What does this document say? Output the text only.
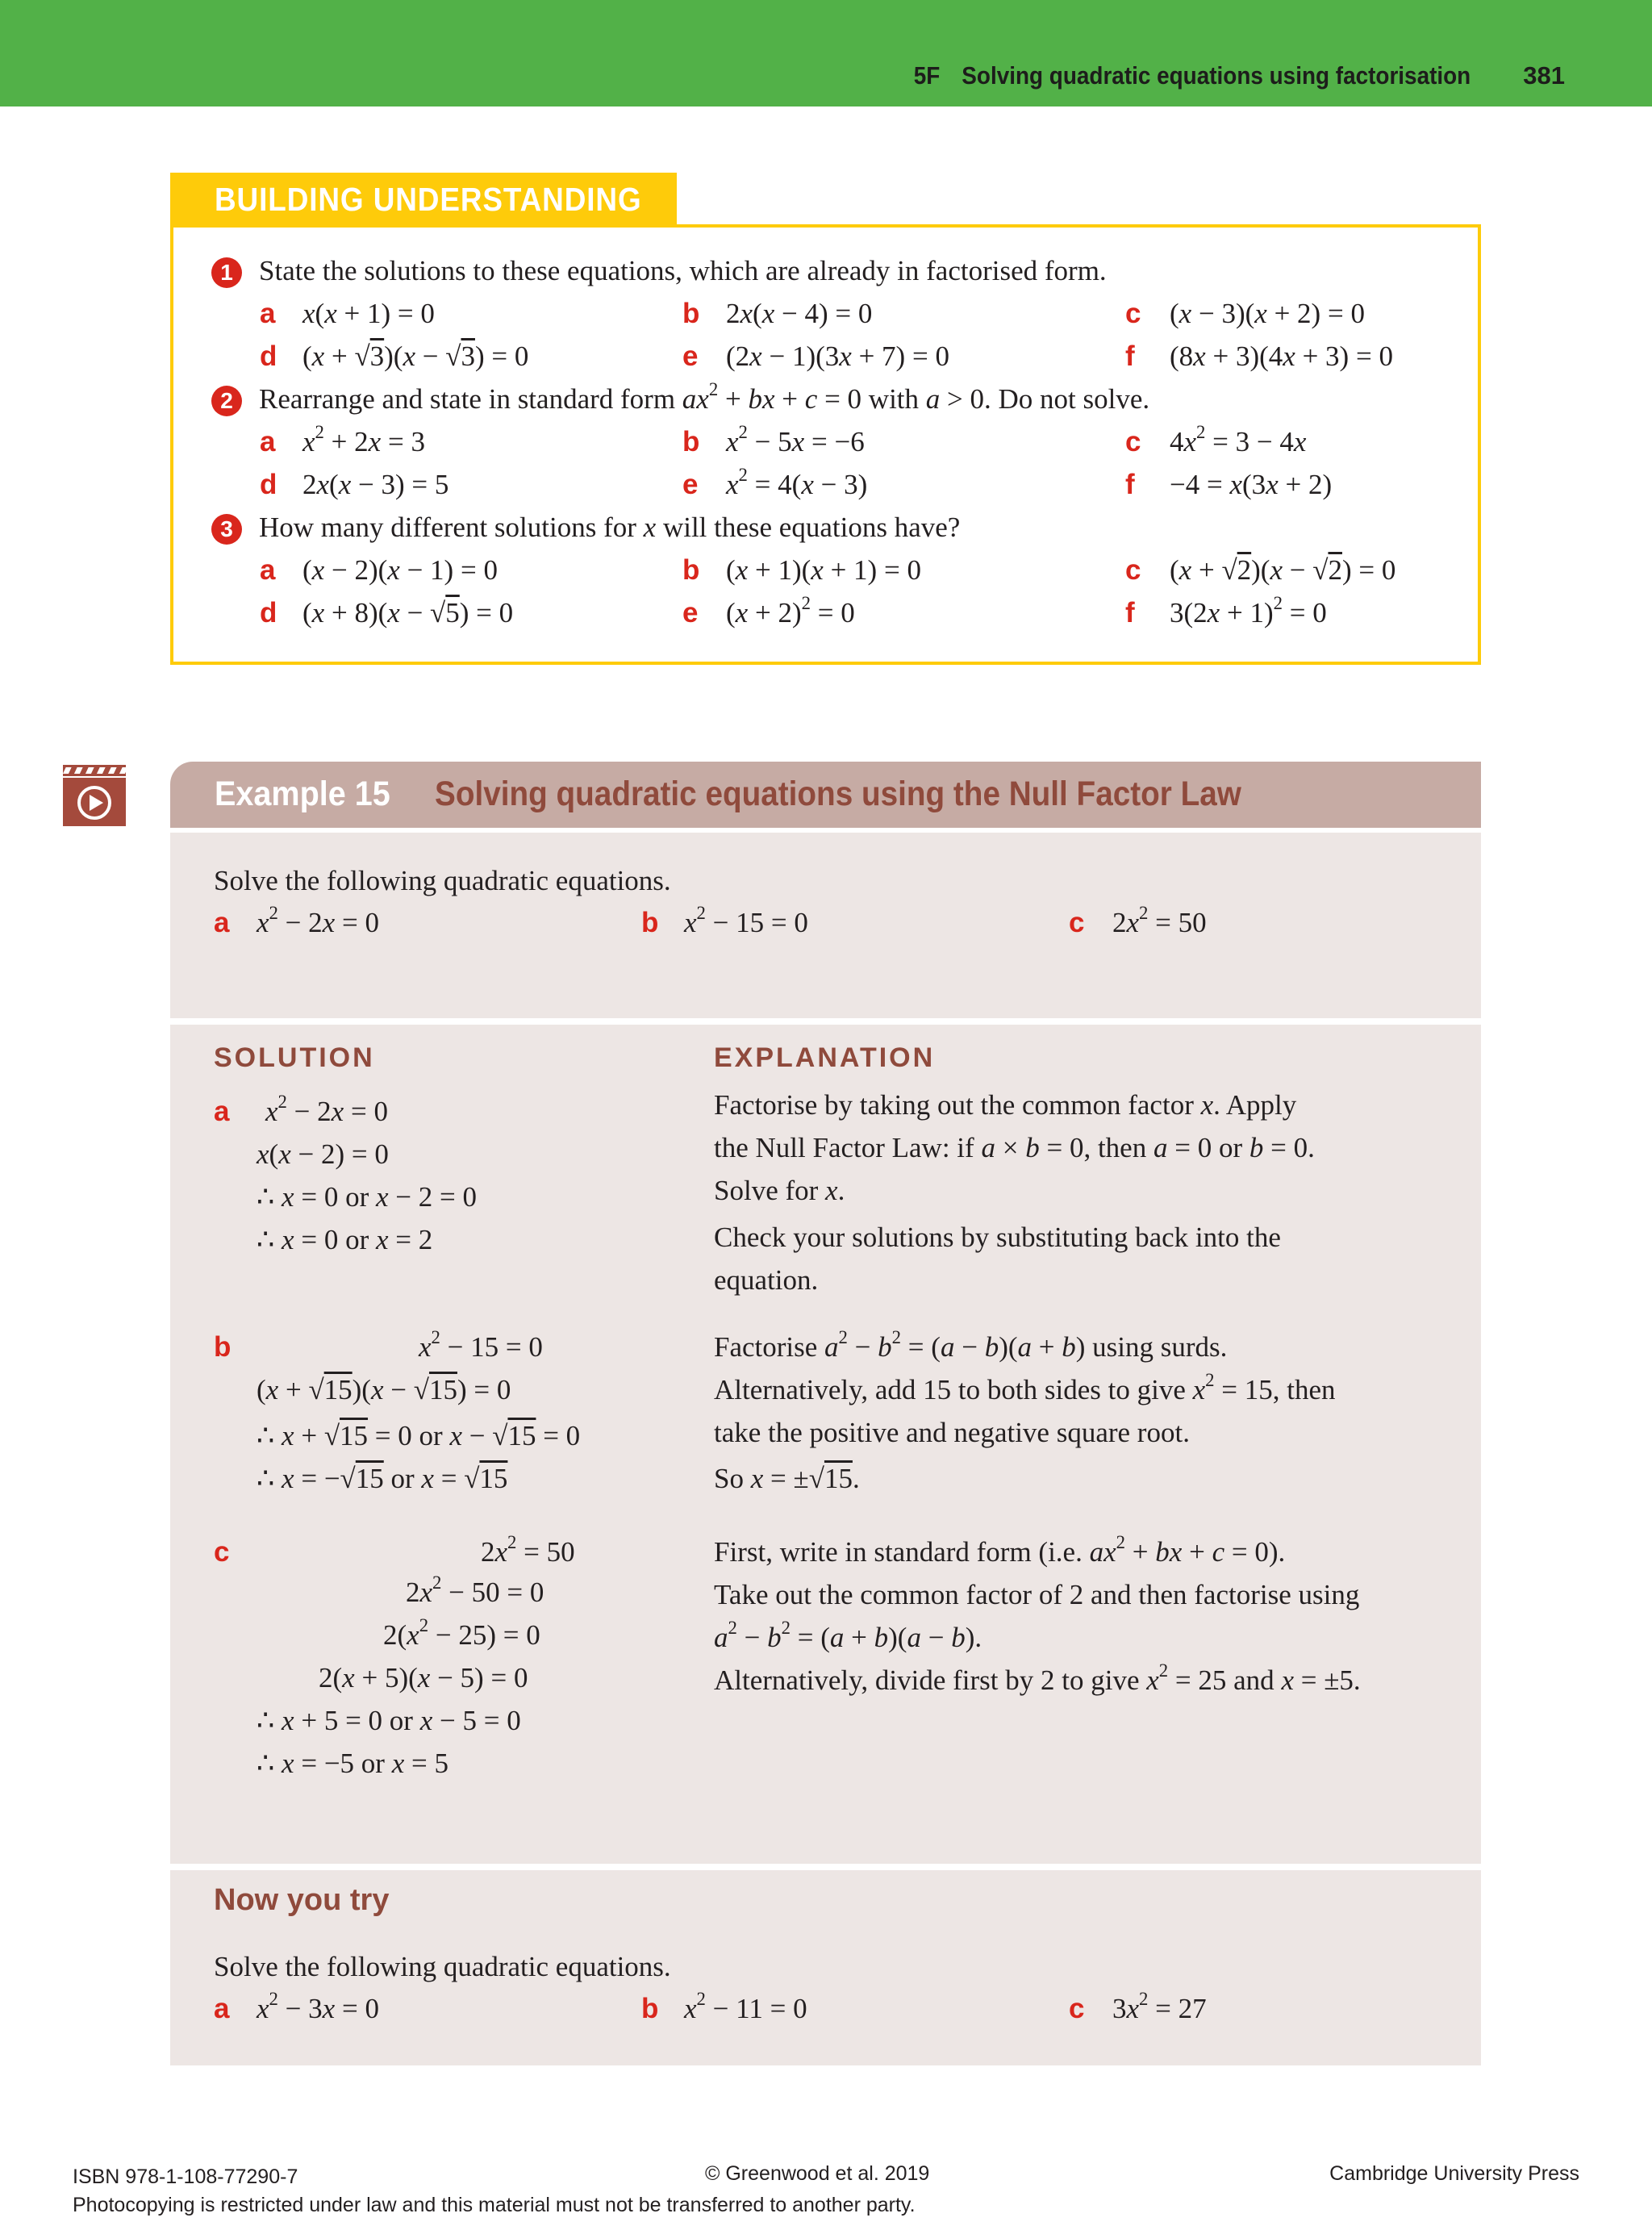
5F Solving quadratic equations using factorisation 381
BUILDING UNDERSTANDING
1 State the solutions to these equations, which are already in factorised form.
a x(x + 1) = 0	b 2x(x − 4) = 0	c (x − 3)(x + 2) = 0
d (x + √3)(x − √3) = 0	e (2x − 1)(3x + 7) = 0	f (8x + 3)(4x + 3) = 0
2 Rearrange and state in standard form $ax^2$ + bx + c = 0 with a > 0. Do not solve.
a $x^2 + 2x = 3$	b $x^2 - 5x = -6$	c $4x^2 = 3 - 4x$
d 2x(x − 3) = 5	e $x^2 = 4(x - 3)$	f −4 = x(3x + 2)
3 How many different solutions for x will these equations have?
a (x − 2)(x − 1) = 0	b (x + 1)(x + 1) = 0	c (x + √2)(x − √2) = 0
d (x + 8)(x − √5) = 0	e $(x + 2)^2 = 0$	f $3(2x + 1)^2 = 0$
Example 15 Solving quadratic equations using the Null Factor Law
Solve the following quadratic equations.
a $x^2 - 2x = 0$	b $x^2 - 15 = 0$	c $2x^2 = 50$
SOLUTION	EXPLANATION
a $x^2 - 2x = 0$
x(x − 2) = 0
∴ x = 0 or x − 2 = 0
∴ x = 0 or x = 2
Factorise by taking out the common factor x. Apply
the Null Factor Law: if a × b = 0, then a = 0 or b = 0.
Solve for x.
Check your solutions by substituting back into the
equation.
b	$x^2 - 15 = 0$
(x + √15)(x − √15) = 0
∴ x + √15 = 0 or x − √15 = 0
∴ x = −√15 or x = √15
Factorise $a^2 - b^2 = (a - b)(a + b)$ using surds.
Alternatively, add 15 to both sides to give $x^2 = 15$, then
take the positive and negative square root.
So x = ±√15.
c	$2x^2 = 50$
$2x^2 - 50 = 0$
$2(x^2 - 25) = 0$
2(x + 5)(x − 5) = 0
∴ x + 5 = 0 or x − 5 = 0
∴ x = −5 or x = 5
First, write in standard form (i.e. $ax^2$ + bx + c = 0).
Take out the common factor of 2 and then factorise using
$a^2 - b^2 = (a + b)(a - b)$.
Alternatively, divide first by 2 to give $x^2 = 25$ and x = ±5.
Now you try
Solve the following quadratic equations.
a $x^2 - 3x = 0$	b $x^2 - 11 = 0$	c $3x^2 = 27$
ISBN 978-1-108-77290-7	© Greenwood et al. 2019	Cambridge University Press
Photocopying is restricted under law and this material must not be transferred to another party.
